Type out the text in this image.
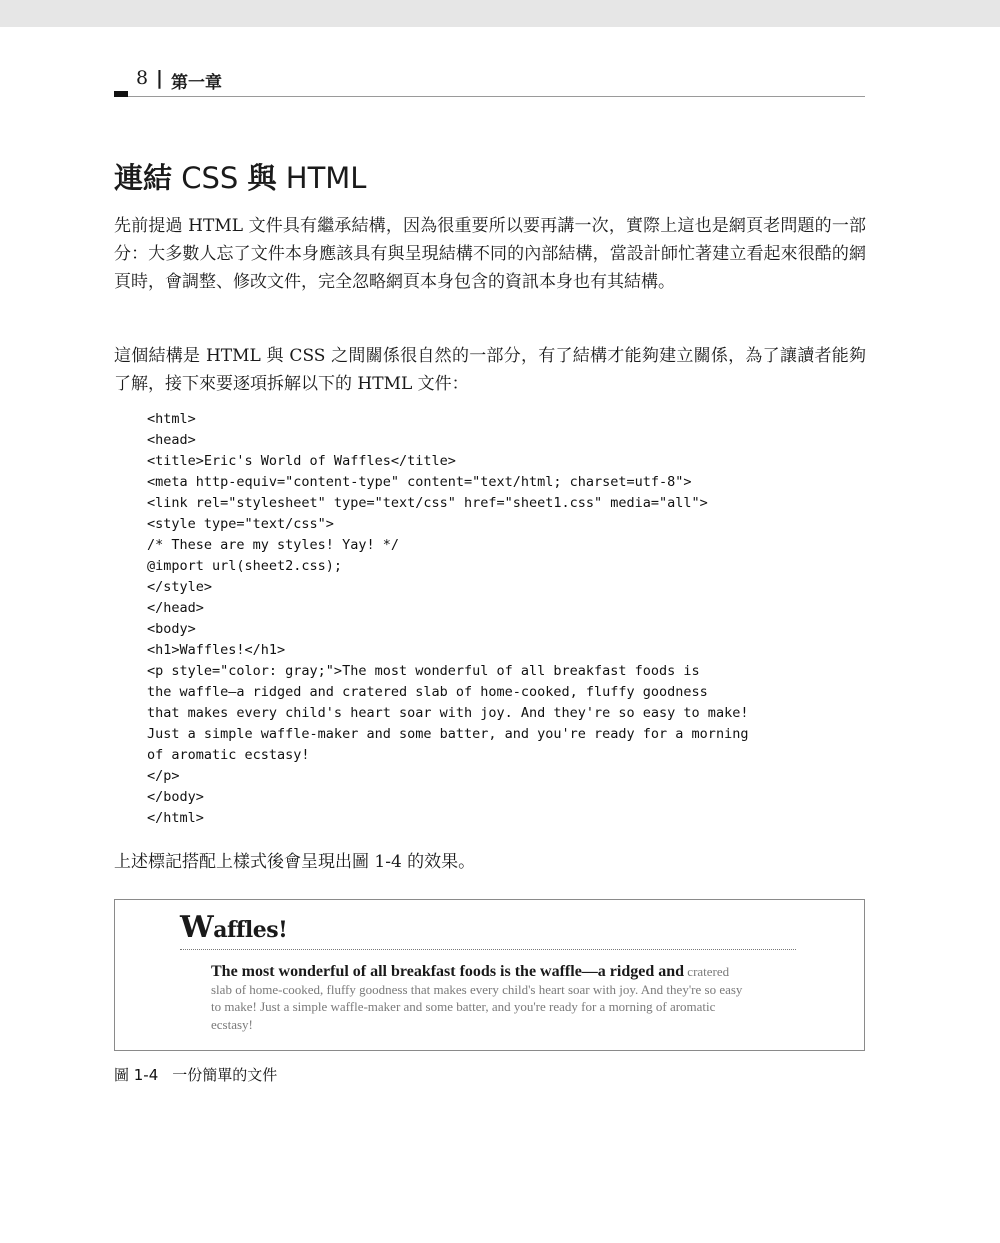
8 | 第一章
連結 CSS 與 HTML

先前提過 HTML 文件具有繼承結構，因為很重要所以要再講一次，實際上這也是網頁老問題的一部分：大多數人忘了文件本身應該具有與呈現結構不同的內部結構，當設計師忙著建立看起來很酷的網頁時，會調整、修改文件，完全忽略網頁本身包含的資訊本身也有其結構。

這個結構是 HTML 與 CSS 之間關係很自然的一部分，有了結構才能夠建立關係，為了讓讀者能夠了解，接下來要逐項拆解以下的 HTML 文件：

<html>
<head>
<title>Eric's World of Waffles</title>
<meta http-equiv="content-type" content="text/html; charset=utf-8">
<link rel="stylesheet" type="text/css" href="sheet1.css" media="all">
<style type="text/css">
/* These are my styles! Yay! */
@import url(sheet2.css);
</style>
</head>
<body>
<h1>Waffles!</h1>
<p style="color: gray;">The most wonderful of all breakfast foods is
the waffle—a ridged and cratered slab of home-cooked, fluffy goodness
that makes every child's heart soar with joy. And they're so easy to make!
Just a simple waffle-maker and some batter, and you're ready for a morning
of aromatic ecstasy!
</p>
</body>
</html>

上述標記搭配上樣式後會呈現出圖 1-4 的效果。

Waffles!

The most wonderful of all breakfast foods is the waffle—a ridged and cratered slab of home-cooked, fluffy goodness that makes every child's heart soar with joy. And they're so easy to make! Just a simple waffle-maker and some batter, and you're ready for a morning of aromatic ecstasy!

圖 1-4 一份簡單的文件
